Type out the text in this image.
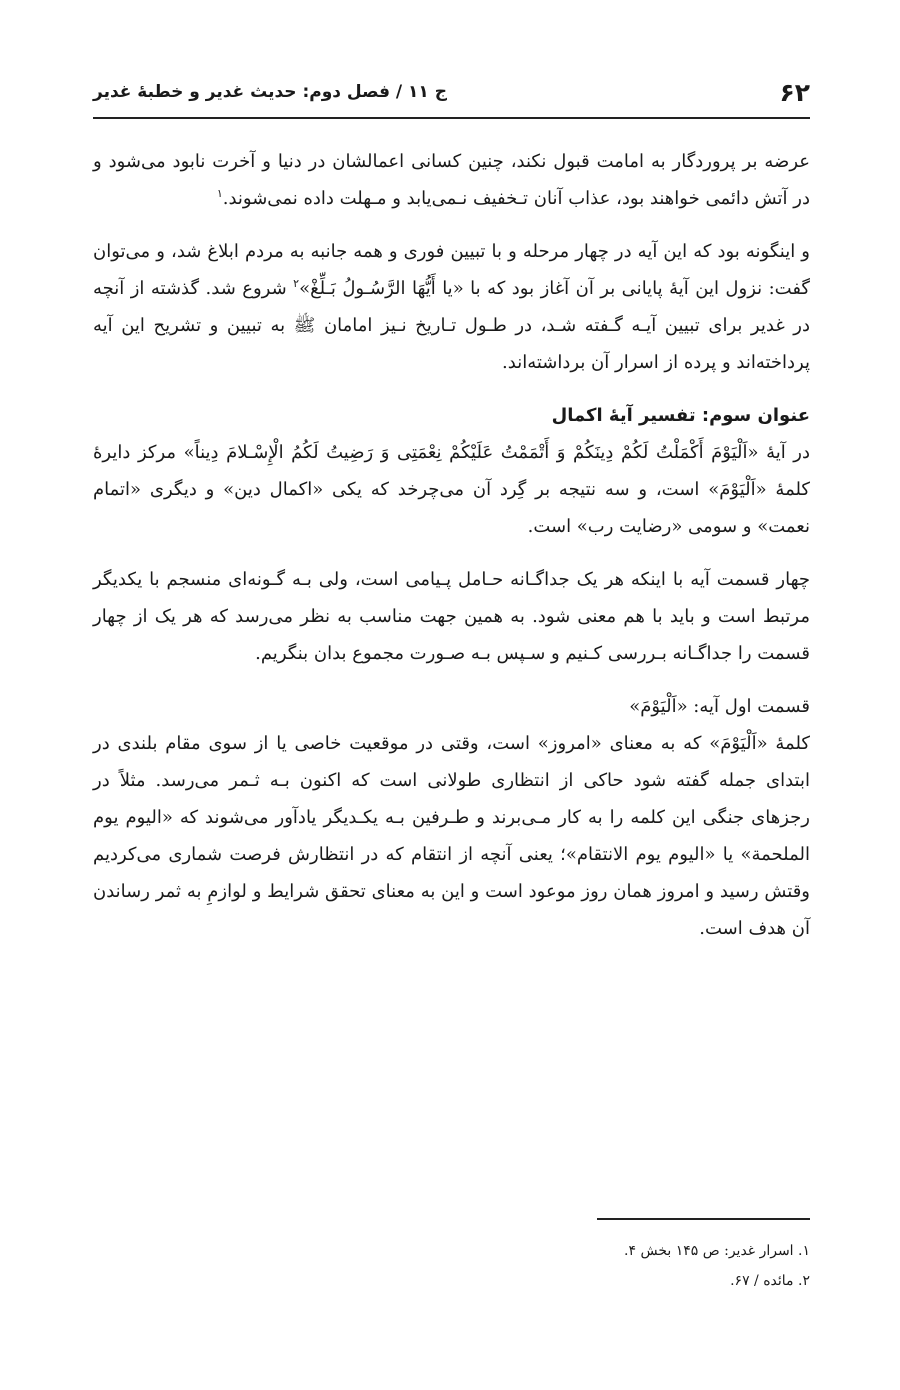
۶۲
ج ۱۱ / فصل دوم: حدیث غدیر و خطبهٔ غدیر

عرضه بر پروردگار به امامت قبول نکند، چنین کسانی اعمالشان در دنیا و آخرت نابود می‌شود و در آتش دائمی خواهند بود، عذاب آنان تـخفیف نـمی‌یابد و مـهلت داده نمی‌شوند.$^۱$

و اینگونه بود که این آیه در چهار مرحله و با تبیین فوری و همه جانبه به مردم ابلاغ شد، و می‌توان گفت: نزول این آیهٔ پایانی بر آن آغاز بود که با «یا أَیُّهَا الرَّسُـولُ بَـلِّغْ»$^۲$ شروع شد. گذشته از آنچه در غدیر برای تبیین آیـه گـفته شـد، در طـول تـاریخ نـیز امامان ﷺ به تبیین و تشریح این آیه پرداخته‌اند و پرده از اسرار آن برداشته‌اند.

عنوان سوم: تفسیر آیهٔ اکمال

در آیهٔ «اَلْیَوْمَ أَکْمَلْتُ لَکُمْ دِینَکُمْ وَ أَتْمَمْتُ عَلَیْکُمْ نِعْمَتِی وَ رَضِیتُ لَکُمُ الْإِسْـلامَ دِیناً» مرکز دایرهٔ کلمهٔ «اَلْیَوْمَ» است، و سه نتیجه بر گِرد آن می‌چرخد که یکی «اکمال دین» و دیگری «اتمام نعمت» و سومی «رضایت رب» است.

چهار قسمت آیه با اینکه هر یک جداگـانه حـامل پـیامی است، ولی بـه گـونه‌ای منسجم با یکدیگر مرتبط است و باید با هم معنی شود. به همین جهت مناسب به نظر می‌رسد که هر یک از چهار قسمت را جداگـانه بـررسی کـنیم و سـپس بـه صـورت مجموع بدان بنگریم.

قسمت اول آیه: «اَلْیَوْمَ»

کلمهٔ «اَلْیَوْمَ» که به معنای «امروز» است، وقتی در موقعیت خاصی یا از سوی مقام بلندی در ابتدای جمله گفته شود حاکی از انتظاری طولانی است که اکنون بـه ثـمر می‌رسد. مثلاً در رجزهای جنگی این کلمه را به کار مـی‌برند و طـرفین بـه یکـدیگر یادآور می‌شوند که «الیوم یوم الملحمة» یا «الیوم یوم الانتقام»؛ یعنی آنچه از انتقام که در انتظارش فرصت شماری می‌کردیم وقتش رسید و امروز همان روز موعود است و این به معنای تحقق شرایط و لوازمِ به ثمر رساندن آن هدف است.

۱. اسرار غدیر: ص ۱۴۵ بخش ۴.

۲. مائده / ۶۷.
